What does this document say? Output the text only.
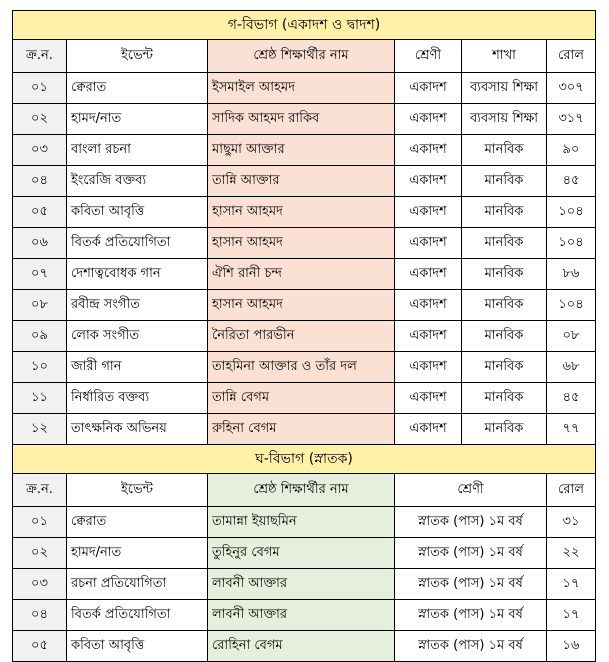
গ-বিভাগ (একাদশ ও দ্বাদশ)					
ক্র.ন.	ইভেন্ট	শ্রেষ্ঠ শিক্ষার্থীর নাম	শ্রেণী	শাখা	রোল
০১	ক্বেরাত	ইসমাইল আহমদ	একাদশ	ব্যবসায় শিক্ষা	৩০৭
০২	হামদ/নাত	সাদিক আহমদ রাকিব	একাদশ	ব্যবসায় শিক্ষা	৩১৭
০৩	বাংলা রচনা	মাছুমা আক্তার	একাদশ	মানবিক	৯০
০৪	ইংরেজি বক্তব্য	তান্নি আক্তার	একাদশ	মানবিক	৪৫
০৫	কবিতা আবৃত্তি	হাসান আহমদ	একাদশ	মানবিক	১০৪
০৬	বিতর্ক প্রতিযোগিতা	হাসান আহমদ	একাদশ	মানবিক	১০৪
০৭	দেশাত্ববোধক গান	ঐশি রানী চন্দ	একাদশ	মানবিক	৮৬
০৮	রবীন্দ্র সংগীত	হাসান আহমদ	একাদশ	মানবিক	১০৪
০৯	লোক সংগীত	নৈরিতা পারভীন	একাদশ	মানবিক	০৮
১০	জারী গান	তাহমিনা আক্তার ও তাঁর দল	একাদশ	মানবিক	৬৮
১১	নির্ধারিত বক্তব্য	তান্নি বেগম	একাদশ	মানবিক	৪৫
১২	তাৎক্ষনিক অভিনয়	রুহিনা বেগম	একাদশ	মানবিক	৭৭
ঘ-বিভাগ (স্নাতক)					
ক্র.ন.	ইভেন্ট	শ্রেষ্ঠ শিক্ষার্থীর নাম	শ্রেণী		রোল
০১	ক্বেরাত	তামান্না ইয়াছমিন	স্নাতক (পাস) ১ম বর্ষ		৩১
০২	হামদ/নাত	তুহিনুর বেগম	স্নাতক (পাস) ১ম বর্ষ		২২
০৩	রচনা প্রতিযোগিতা	লাবনী আক্তার	স্নাতক (পাস) ১ম বর্ষ		১৭
০৪	বিতর্ক প্রতিযোগিতা	লাবনী আক্তার	স্নাতক (পাস) ১ম বর্ষ		১৭
০৫	কবিতা আবৃত্তি	রোহিনা বেগম	স্নাতক (পাস) ১ম বর্ষ		১৬
